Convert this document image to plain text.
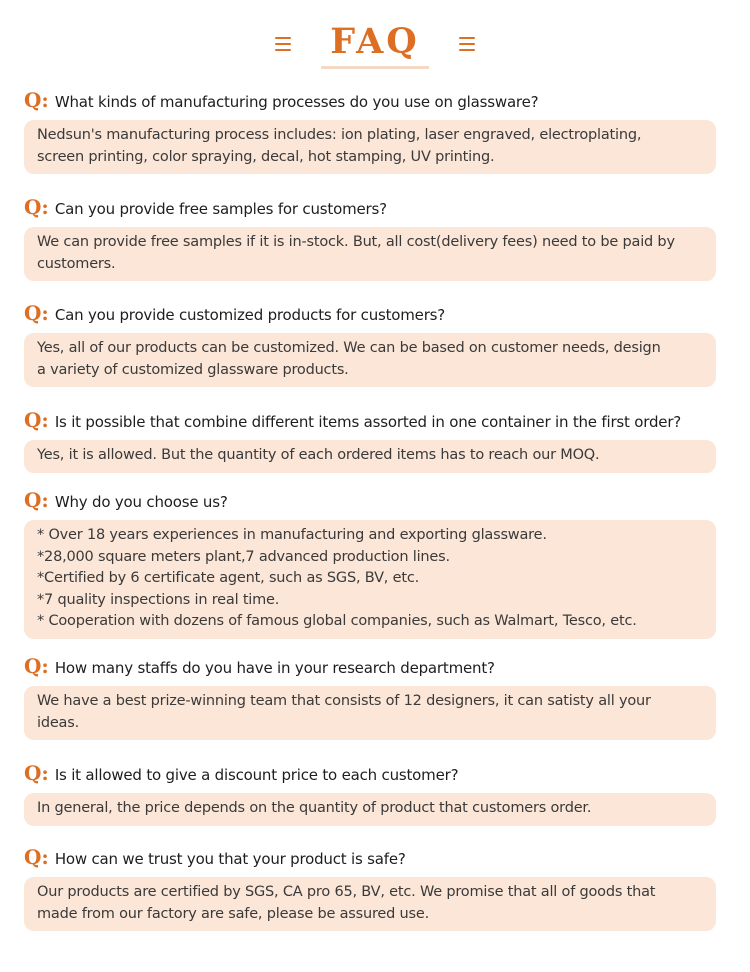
FAQ
Q: What kinds of manufacturing processes do you use on glassware?
Nedsun's manufacturing process includes: ion plating, laser engraved, electroplating,
screen printing, color spraying, decal, hot stamping, UV printing.
Q: Can you provide free samples for customers?
We can provide free samples if it is in-stock. But, all cost(delivery fees) need to be paid by
customers.
Q: Can you provide customized products for customers?
Yes, all of our products can be customized. We can be based on customer needs, design
a variety of customized glassware products.
Q: Is it possible that combine different items assorted in one container in the first order?
Yes, it is allowed. But the quantity of each ordered items has to reach our MOQ.
Q: Why do you choose us?
* Over 18 years experiences in manufacturing and exporting glassware.
*28,000 square meters plant,7 advanced production lines.
*Certified by 6 certificate agent, such as SGS, BV, etc.
*7 quality inspections in real time.
* Cooperation with dozens of famous global companies, such as Walmart, Tesco, etc.
Q: How many staffs do you have in your research department?
We have a best prize-winning team that consists of 12 designers, it can satisty all your
ideas.
Q: Is it allowed to give a discount price to each customer?
In general, the price depends on the quantity of product that customers order.
Q: How can we trust you that your product is safe?
Our products are certified by SGS, CA pro 65, BV, etc. We promise that all of goods that
made from our factory are safe, please be assured use.
